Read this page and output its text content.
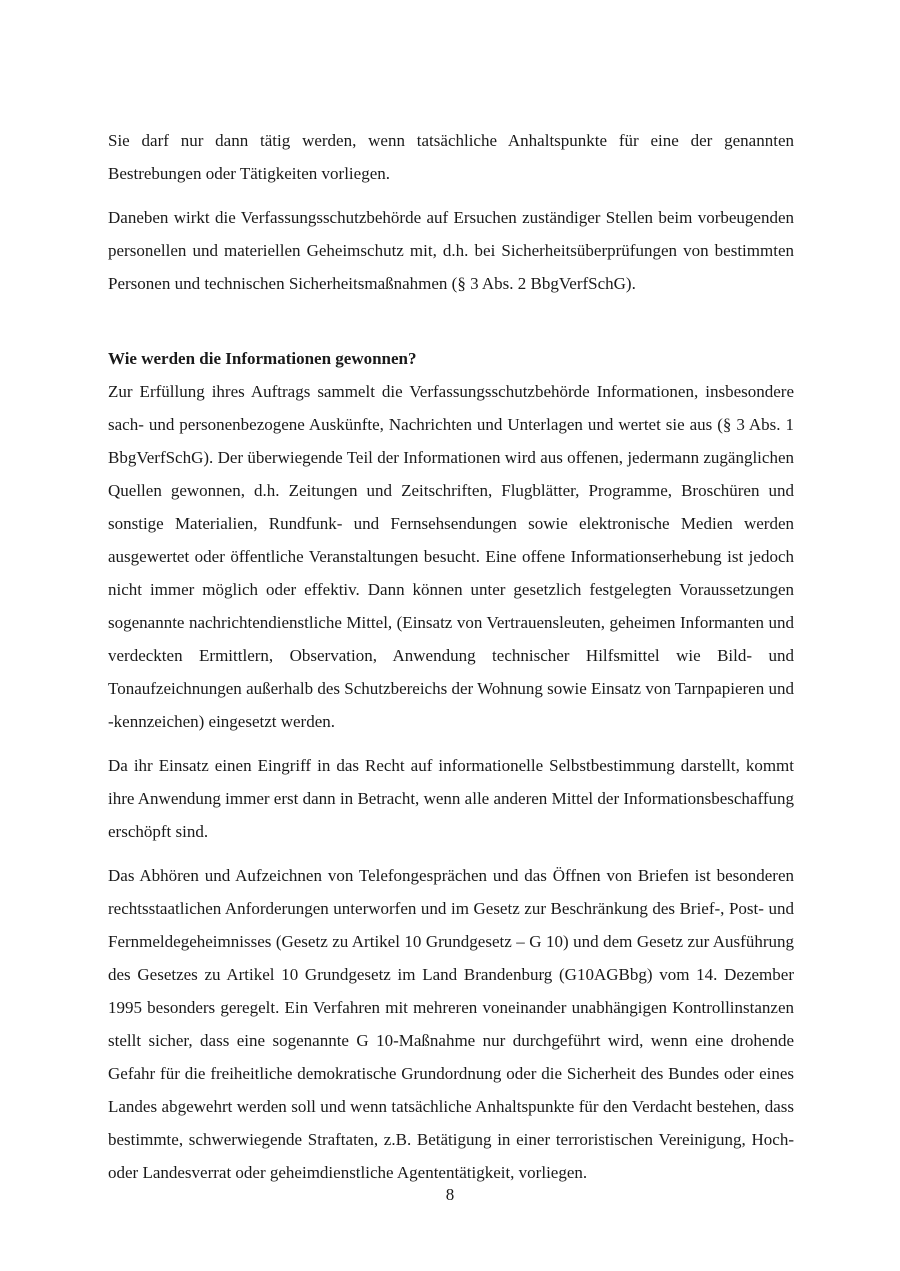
Sie darf nur dann tätig werden, wenn tatsächliche Anhaltspunkte für eine der genannten Bestrebungen oder Tätigkeiten vorliegen.

Daneben wirkt die Verfassungsschutzbehörde auf Ersuchen zuständiger Stellen beim vorbeugenden personellen und materiellen Geheimschutz mit, d.h. bei Sicherheitsüberprüfungen von bestimmten Personen und technischen Sicherheitsmaßnahmen (§ 3 Abs. 2 BbgVerfSchG).

Wie werden die Informationen gewonnen?

Zur Erfüllung ihres Auftrags sammelt die Verfassungsschutzbehörde Informationen, insbesondere sach- und personenbezogene Auskünfte, Nachrichten und Unterlagen und wertet sie aus (§ 3 Abs. 1 BbgVerfSchG). Der überwiegende Teil der Informationen wird aus offenen, jedermann zugänglichen Quellen gewonnen, d.h. Zeitungen und Zeitschriften, Flugblätter, Programme, Broschüren und sonstige Materialien, Rundfunk- und Fernsehsendungen sowie elektronische Medien werden ausgewertet oder öffentliche Veranstaltungen besucht. Eine offene Informationserhebung ist jedoch nicht immer möglich oder effektiv. Dann können unter gesetzlich festgelegten Voraussetzungen sogenannte nachrichtendienstliche Mittel, (Einsatz von Vertrauensleuten, geheimen Informanten und verdeckten Ermittlern, Observation, Anwendung technischer Hilfsmittel wie Bild- und Tonaufzeichnungen außerhalb des Schutzbereichs der Wohnung sowie Einsatz von Tarnpapieren und -kennzeichen) eingesetzt werden.

Da ihr Einsatz einen Eingriff in das Recht auf informationelle Selbstbestimmung darstellt, kommt ihre Anwendung immer erst dann in Betracht, wenn alle anderen Mittel der Informationsbeschaffung erschöpft sind.

Das Abhören und Aufzeichnen von Telefongesprächen und das Öffnen von Briefen ist besonderen rechtsstaatlichen Anforderungen unterworfen und im Gesetz zur Beschränkung des Brief-, Post- und Fernmeldegeheimnisses (Gesetz zu Artikel 10 Grundgesetz – G 10) und dem Gesetz zur Ausführung des Gesetzes zu Artikel 10 Grundgesetz im Land Brandenburg (G10AGBbg) vom 14. Dezember 1995 besonders geregelt. Ein Verfahren mit mehreren voneinander unabhängigen Kontrollinstanzen stellt sicher, dass eine sogenannte G 10-Maßnahme nur durchgeführt wird, wenn eine drohende Gefahr für die freiheitliche demokratische Grundordnung oder die Sicherheit des Bundes oder eines Landes abgewehrt werden soll und wenn tatsächliche Anhaltspunkte für den Verdacht bestehen, dass bestimmte, schwerwiegende Straftaten, z.B. Betätigung in einer terroristischen Vereinigung, Hoch- oder Landesverrat oder geheimdienstliche Agententätigkeit, vorliegen.

8
